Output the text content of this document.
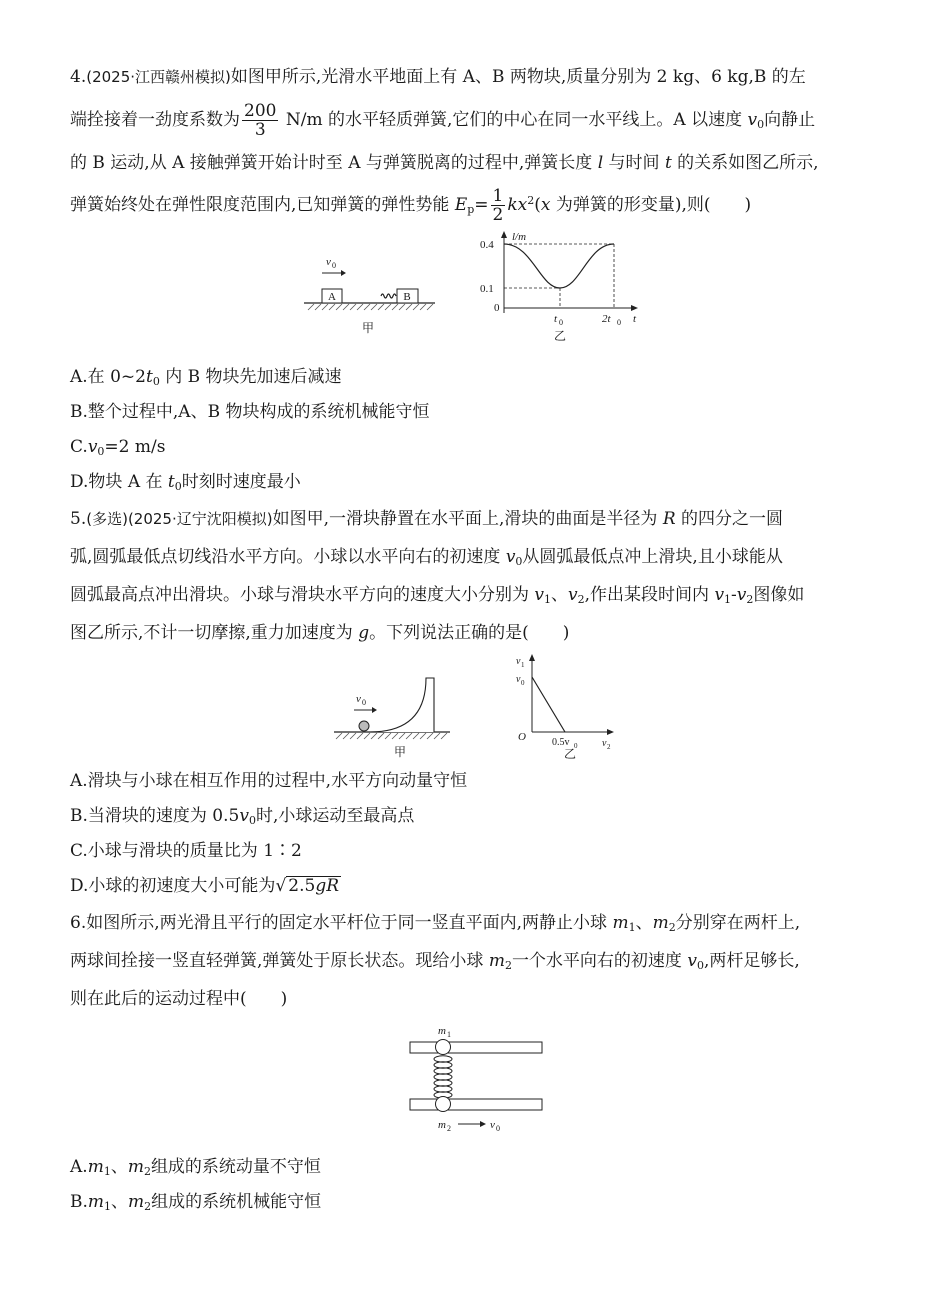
4.(2025·江西赣州模拟)如图甲所示,光滑水平地面上有 A、B 两物块,质量分别为 2 kg、6 kg,B 的左
端拴接着一劲度系数为 $\frac{200}{3} N/m$ 的水平轻质弹簧,它们的中心在同一水平线上。A 以速度 $v_0$向静止
的 B 运动,从 A 接触弹簧开始计时至 A 与弹簧脱离的过程中,弹簧长度 l 与时间 t 的关系如图乙所示,
弹簧始终处在弹性限度范围内,已知弹簧的弹性势能 $E_p= \frac{1}{2} kx^2(x$ 为弹簧的形变量),则(　　)
A	B
v 0
甲
l/m
0.4
0.1
0
t 0	2t 0 t
乙
A.在 $0\sim 2t_0$ 内 B 物块先加速后减速
B.整个过程中,A、B 物块构成的系统机械能守恒
$C.v_0=2$ m/s
D.物块 A 在 $t_0$时刻时速度最小
5.(多选)(2025·辽宁沈阳模拟)如图甲,一滑块静置在水平面上,滑块的曲面是半径为 R 的四分之一圆
弧,圆弧最低点切线沿水平方向。小球以水平向右的初速度 $v_0$从圆弧最低点冲上滑块,且小球能从
圆弧最高点冲出滑块。小球与滑块水平方向的速度大小分别为 $v_1$、$v_2$,作出某段时间内 $v_1-v_2$图像如
图乙所示,不计一切摩擦,重力加速度为 g。下列说法正确的是(　　)
v 0
甲
v 1
v 0
O	0.5v 0 v 2
乙
A.滑块与小球在相互作用的过程中,水平方向动量守恒
B.当滑块的速度为 $0.5v_0$时,小球运动至最高点
C.小球与滑块的质量比为 1∶2
D.小球的初速度大小可能为√ 2.5gR
6.如图所示,两光滑且平行的固定水平杆位于同一竖直平面内,两静止小球 $m_1$、$m_2$分别穿在两杆上,
两球间拴接一竖直轻弹簧,弹簧处于原长状态。现给小球 $m_2$一个水平向右的初速度 $v_0$,两杆足够长,
则在此后的运动过程中(　　)
m 1
m 2	v 0
$A.m_1$、$m_2$组成的系统动量不守恒
$B.m_1$、$m_2$组成的系统机械能守恒
